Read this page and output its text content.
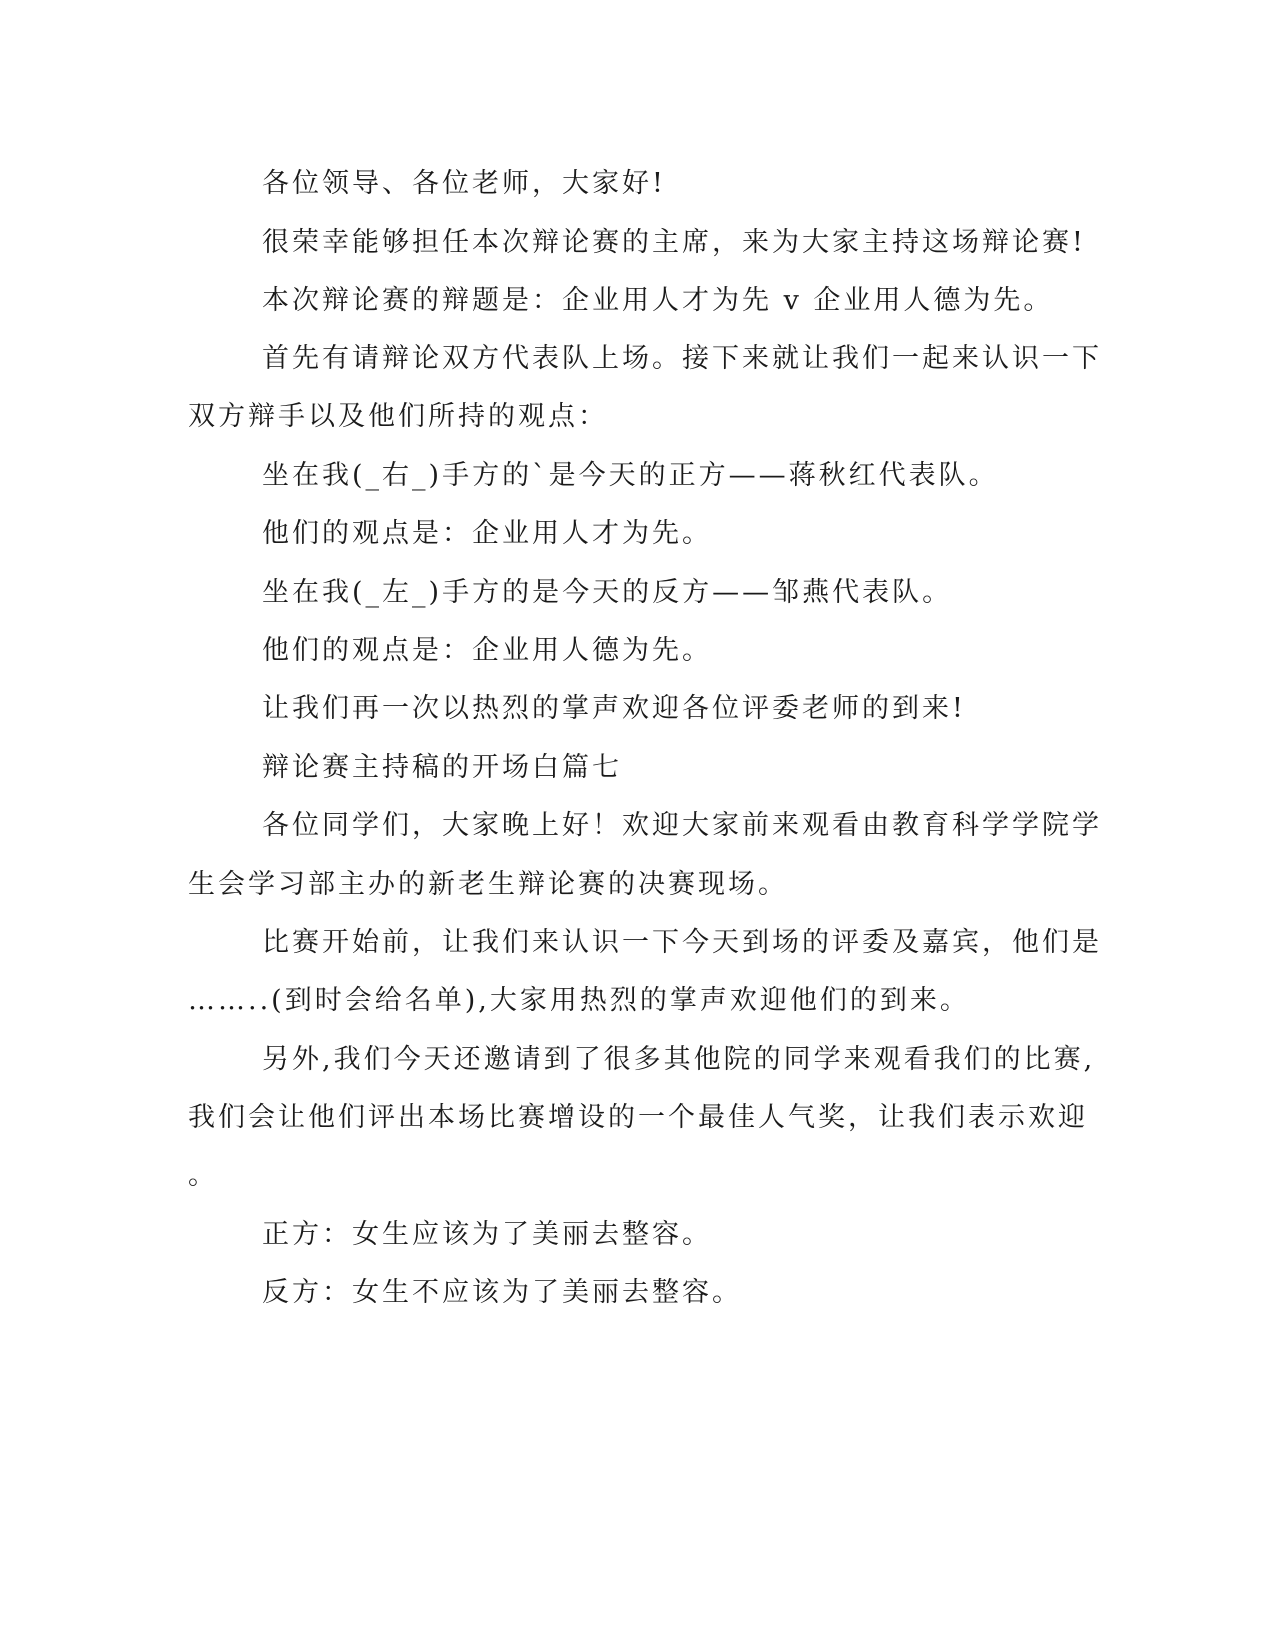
各位领导、各位老师，大家好!

很荣幸能够担任本次辩论赛的主席，来为大家主持这场辩论赛!

本次辩论赛的辩题是：企业用人才为先 v 企业用人德为先。

首先有请辩论双方代表队上场。接下来就让我们一起来认识一下

双方辩手以及他们所持的观点：

坐在我(_右_)手方的`是今天的正方——蒋秋红代表队。

他们的观点是：企业用人才为先。

坐在我(_左_)手方的是今天的反方——邹燕代表队。

他们的观点是：企业用人德为先。

让我们再一次以热烈的掌声欢迎各位评委老师的到来!

辩论赛主持稿的开场白篇七

各位同学们，大家晚上好！欢迎大家前来观看由教育科学学院学

生会学习部主办的新老生辩论赛的决赛现场。

比赛开始前，让我们来认识一下今天到场的评委及嘉宾，他们是

……..(到时会给名单),大家用热烈的掌声欢迎他们的到来。

另外,我们今天还邀请到了很多其他院的同学来观看我们的比赛,

我们会让他们评出本场比赛增设的一个最佳人气奖，让我们表示欢迎

。

正方：女生应该为了美丽去整容。

反方：女生不应该为了美丽去整容。
